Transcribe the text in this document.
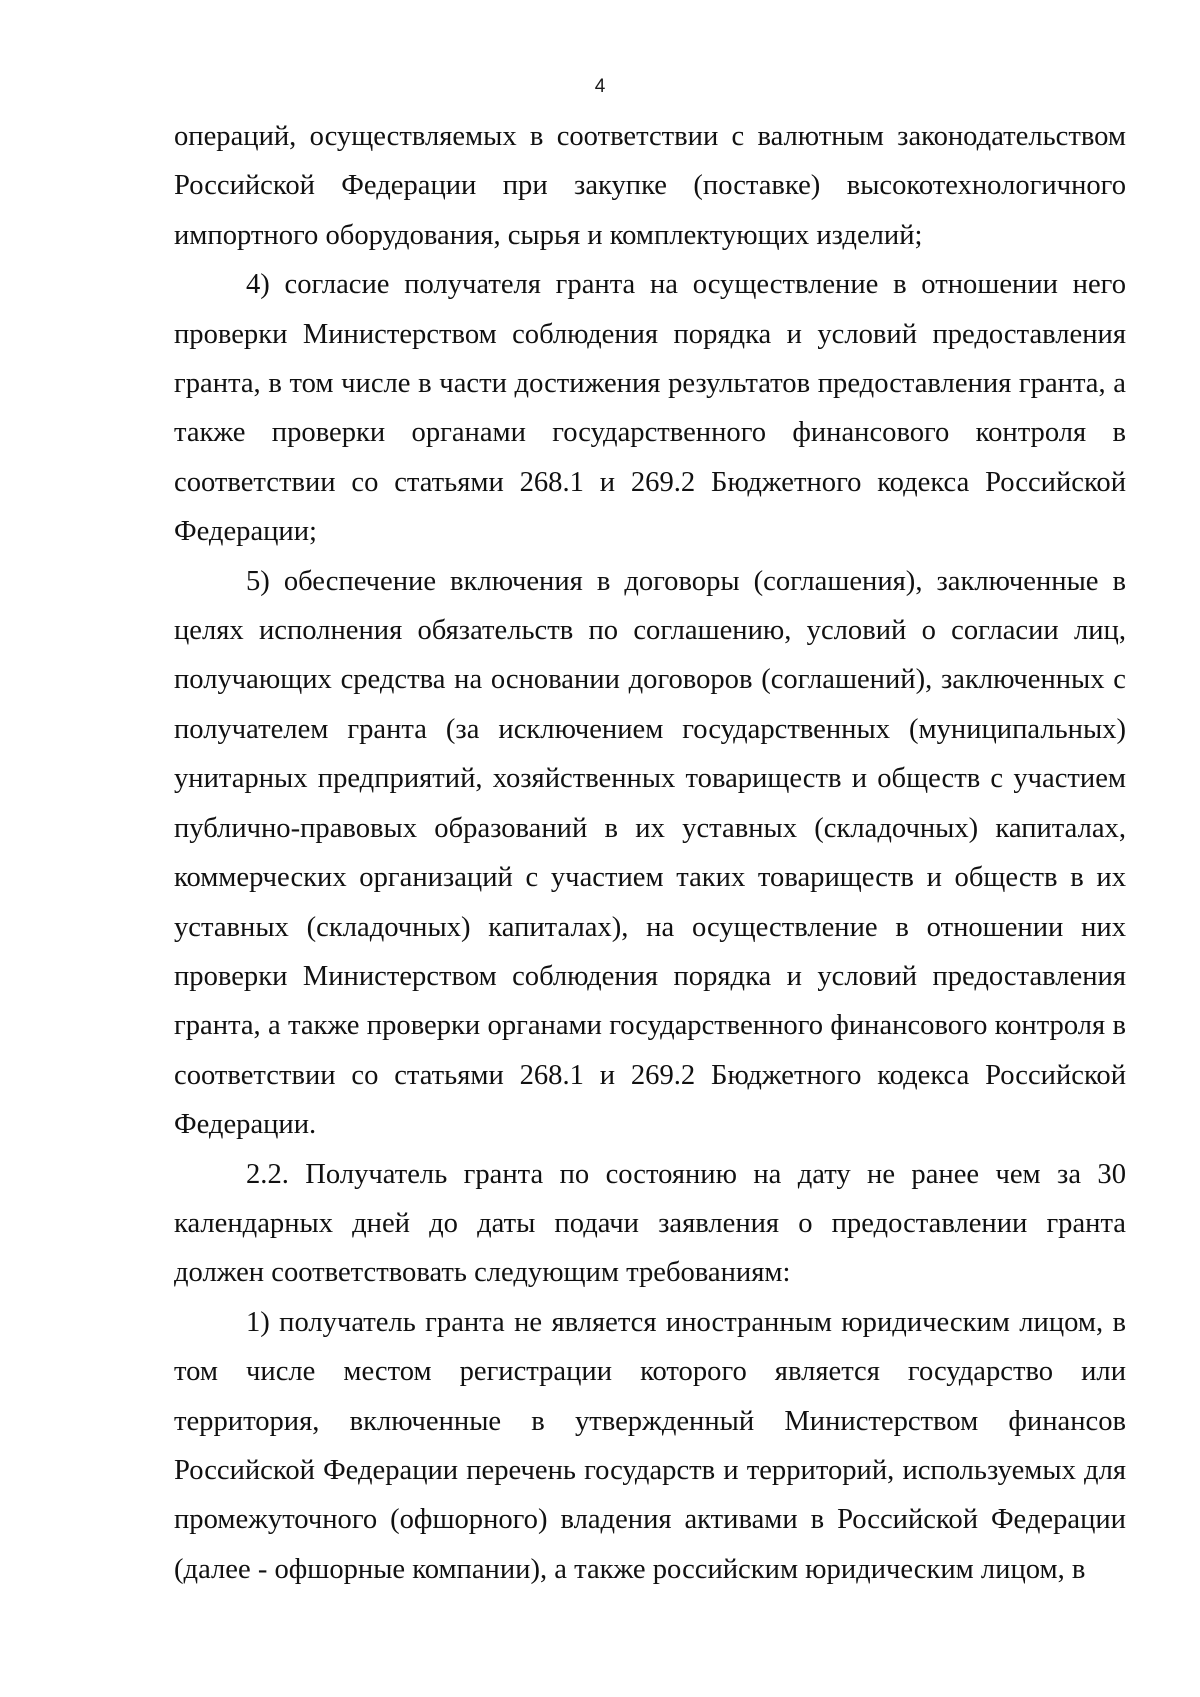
4

операций, осуществляемых в соответствии с валютным законодательством Российской Федерации при закупке (поставке) высокотехнологичного импортного оборудования, сырья и комплектующих изделий;

4) согласие получателя гранта на осуществление в отношении него проверки Министерством соблюдения порядка и условий предоставления гранта, в том числе в части достижения результатов предоставления гранта, а также проверки органами государственного финансового контроля в соответствии со статьями 268.1 и 269.2 Бюджетного кодекса Российской Федерации;

5) обеспечение включения в договоры (соглашения), заключенные в целях исполнения обязательств по соглашению, условий о согласии лиц, получающих средства на основании договоров (соглашений), заключенных с получателем гранта (за исключением государственных (муниципальных) унитарных предприятий, хозяйственных товариществ и обществ с участием публично-правовых образований в их уставных (складочных) капиталах, коммерческих организаций с участием таких товариществ и обществ в их уставных (складочных) капиталах), на осуществление в отношении них проверки Министерством соблюдения порядка и условий предоставления гранта, а также проверки органами государственного финансового контроля в соответствии со статьями 268.1 и 269.2 Бюджетного кодекса Российской Федерации.

2.2. Получатель гранта по состоянию на дату не ранее чем за 30 календарных дней до даты подачи заявления о предоставлении гранта должен соответствовать следующим требованиям:

1) получатель гранта не является иностранным юридическим лицом, в том числе местом регистрации которого является государство или территория, включенные в утвержденный Министерством финансов Российской Федерации перечень государств и территорий, используемых для промежуточного (офшорного) владения активами в Российской Федерации (далее - офшорные компании), а также российским юридическим лицом, в
